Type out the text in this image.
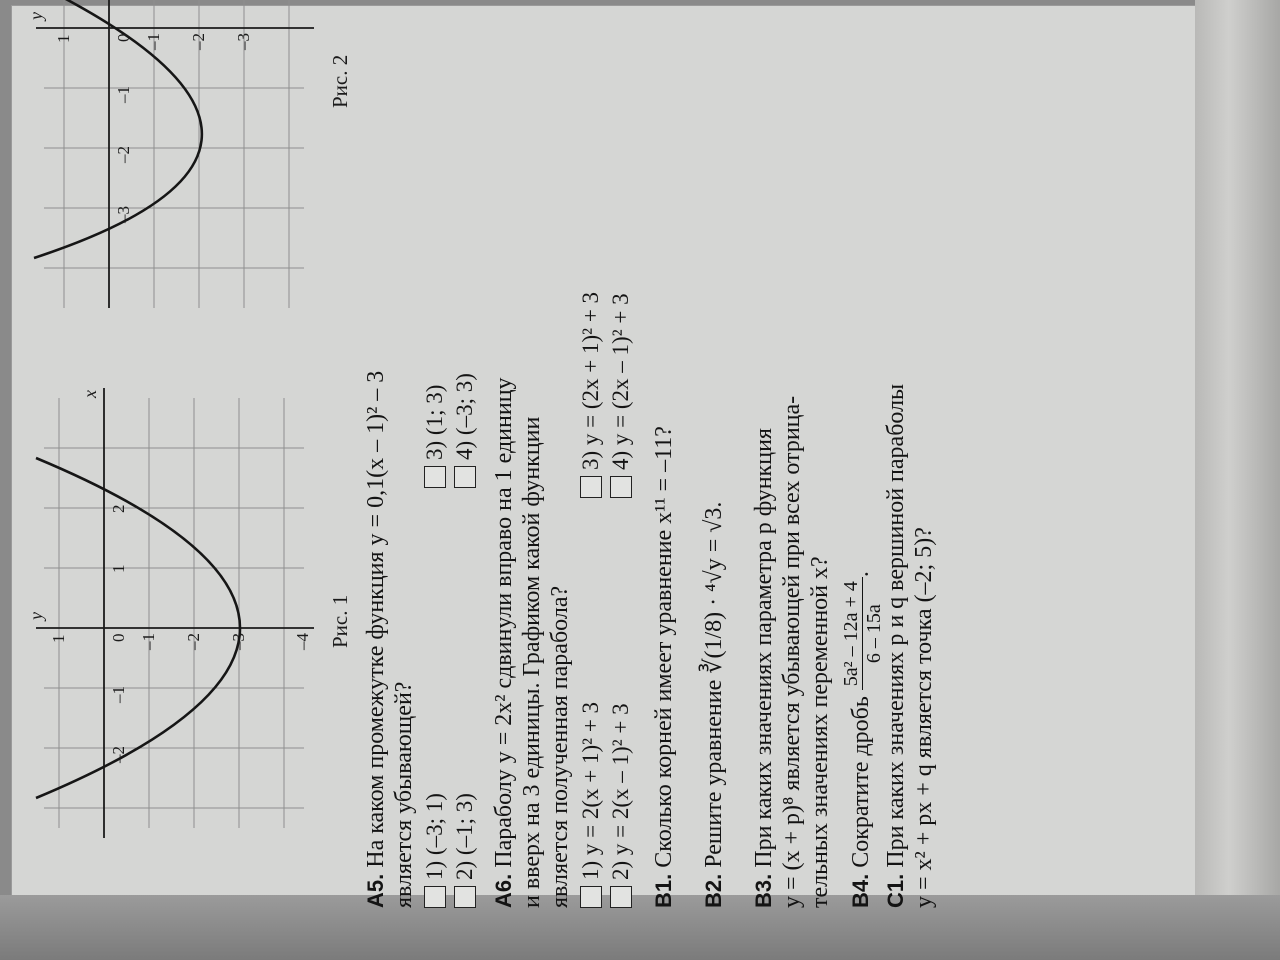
x
y
–2
–1
0
1
2
1	–1 –2 –3	–4 Рис. 1
y
–3
–2
–1
0
1	–1 –2 –3
Рис. 2
А5. На каком промежутке функция y = 0,1(x – 1)² – 3
является убывающей? 1) (–3; 1)
3) (1; 3)
2) (–1; 3)
4) (–3; 3)
А6. Параболу y = 2x² сдвинули вправо на 1 единицу
и вверх на 3 единицы. Графиком какой функции
является полученная парабола? 1) y = 2(x + 1)² + 3
3) y = (2x + 1)² + 3
2) y = 2(x – 1)² + 3
4) y = (2x – 1)² + 3
В1. Сколько корней имеет уравнение x¹¹ = –11?
В2. Решите уравнение ∛(1/8) · ⁴√y = √3.
В3. При каких значениях параметра p функция
y = (x + p)⁸ является убывающей при всех отрица-
тельных значениях переменной x? В4. Сократите дробь
5a² – 12a + 4 6 – 15a
.
С1. При каких значениях p и q вершиной параболы
y = x² + px + q является точка (–2; 5)?
